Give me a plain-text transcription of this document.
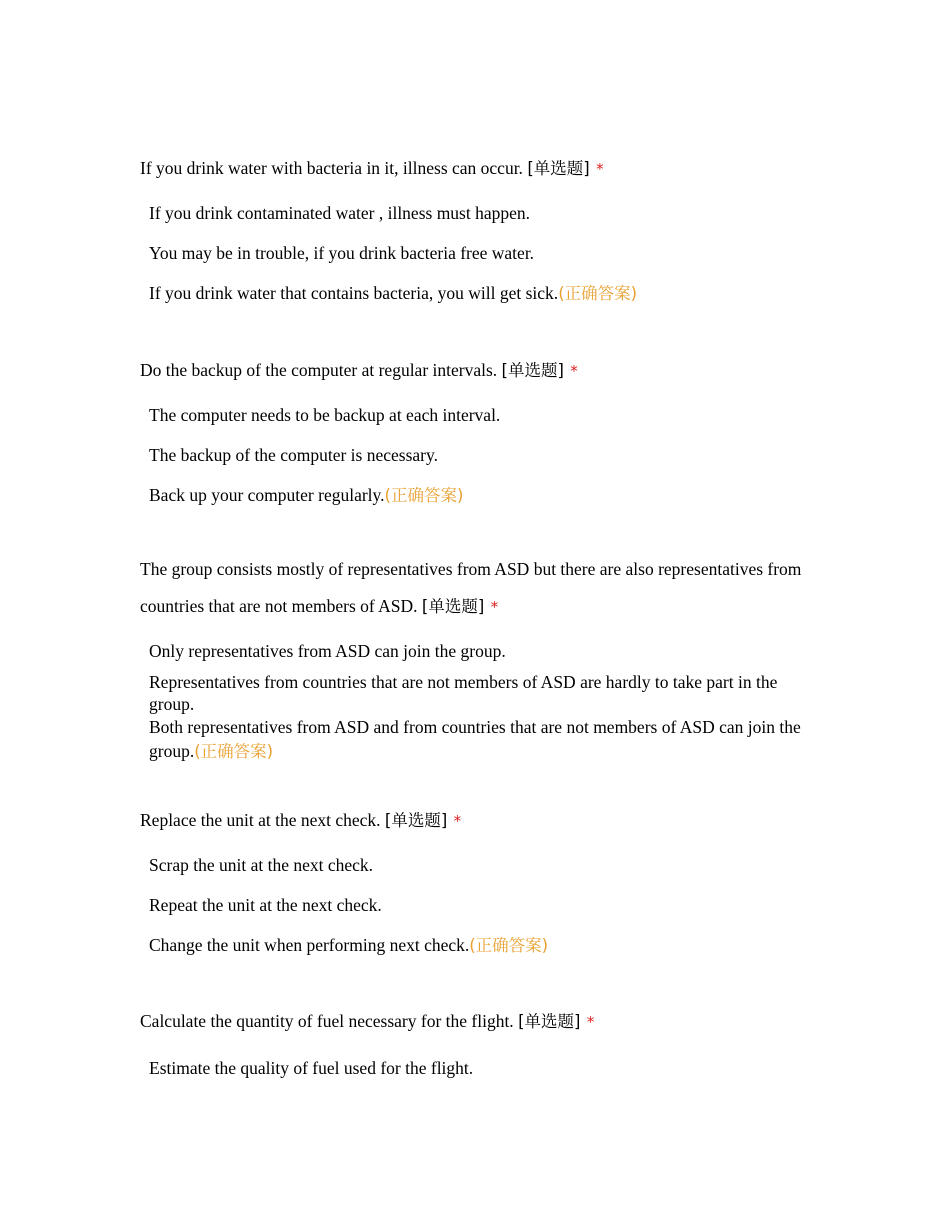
If you drink water with bacteria in it, illness can occur. [单选题] *

If you drink contaminated water , illness must happen.
You may be in trouble, if you drink bacteria free water.
If you drink water that contains bacteria, you will get sick.(正确答案)

Do the backup of the computer at regular intervals. [单选题] *

The computer needs to be backup at each interval.
The backup of the computer is necessary.
Back up your computer regularly.(正确答案)

The group consists mostly of representatives from ASD but there are also representatives from countries that are not members of ASD. [单选题] *

Only representatives from ASD can join the group.
Representatives from countries that are not members of ASD are hardly to take part in the group.
Both representatives from ASD and from countries that are not members of ASD can join the group.(正确答案)

Replace the unit at the next check. [单选题] *

Scrap the unit at the next check.
Repeat the unit at the next check.
Change the unit when performing next check.(正确答案)

Calculate the quantity of fuel necessary for the flight. [单选题] *

Estimate the quality of fuel used for the flight.
